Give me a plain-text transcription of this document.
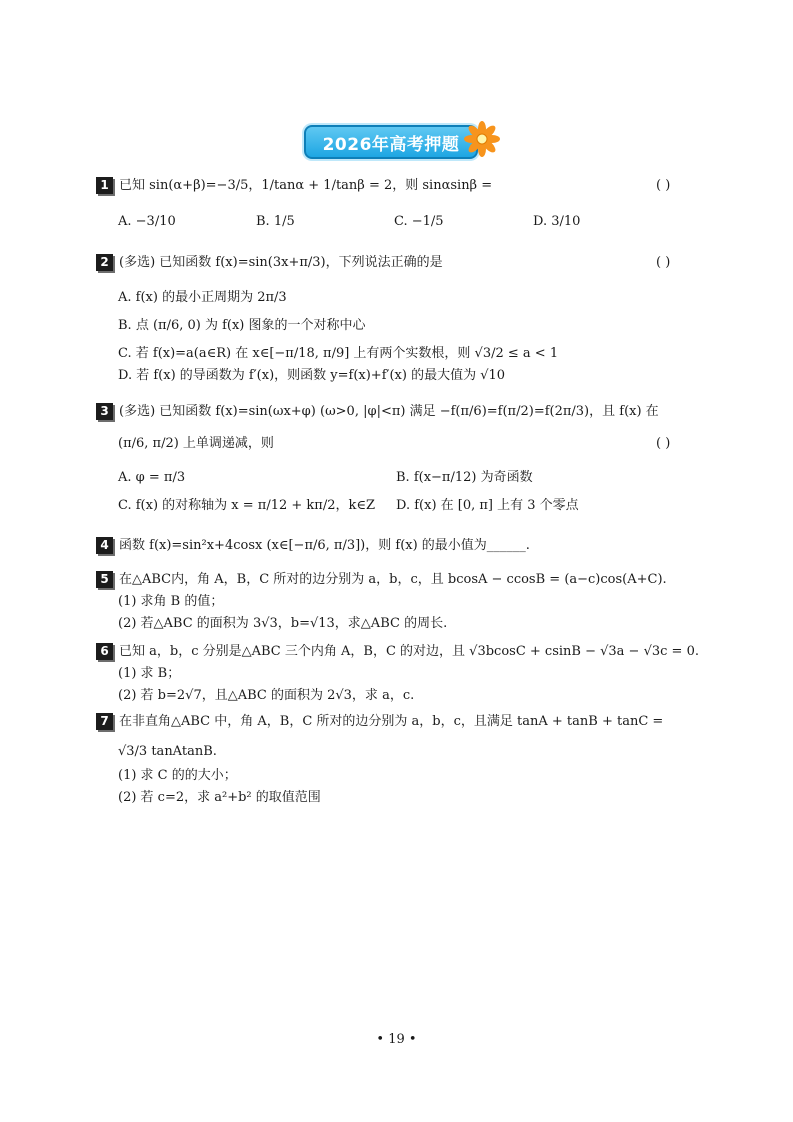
2026年高考押题
1 已知 sin(α+β)=−3/5，1/tanα + 1/tanβ = 2，则 sinαsinβ =	( )
A. −3/10	B. 1/5	C. −1/5	D. 3/10
2 (多选) 已知函数 f(x)=sin(3x+π/3)，下列说法正确的是	( )
A. f(x) 的最小正周期为 2π/3
B. 点 (π/6, 0) 为 f(x) 图象的一个对称中心
C. 若 f(x)=a(a∈R) 在 x∈[−π/18, π/9] 上有两个实数根，则 √3/2 ≤ a < 1
D. 若 f(x) 的导函数为 f′(x)，则函数 y=f(x)+f′(x) 的最大值为 √10
3 (多选) 已知函数 f(x)=sin(ωx+φ) (ω>0, |φ|<π) 满足 −f(π/6)=f(π/2)=f(2π/3)，且 f(x) 在
(π/6, π/2) 上单调递减，则	( )
A. φ = π/3	B. f(x−π/12) 为奇函数
C. f(x) 的对称轴为 x = π/12 + kπ/2，k∈Z D. f(x) 在 [0, π] 上有 3 个零点
4 函数 f(x)=sin²x+4cosx (x∈[−π/6, π/3])，则 f(x) 的最小值为______.
5 在△ABC内，角 A，B，C 所对的边分别为 a，b，c，且 bcosA − ccosB = (a−c)cos(A+C).
(1) 求角 B 的值；
(2) 若△ABC 的面积为 3√3，b=√13，求△ABC 的周长.
6 已知 a，b，c 分别是△ABC 三个内角 A，B，C 的对边，且 √3bcosC + csinB − √3a − √3c = 0.
(1) 求 B；
(2) 若 b=2√7，且△ABC 的面积为 2√3，求 a，c.
7 在非直角△ABC 中，角 A，B，C 所对的边分别为 a，b，c，且满足 tanA + tanB + tanC =
√3/3 tanAtanB.
(1) 求 C 的的大小；
(2) 若 c=2，求 a²+b² 的取值范围
• 19 •
